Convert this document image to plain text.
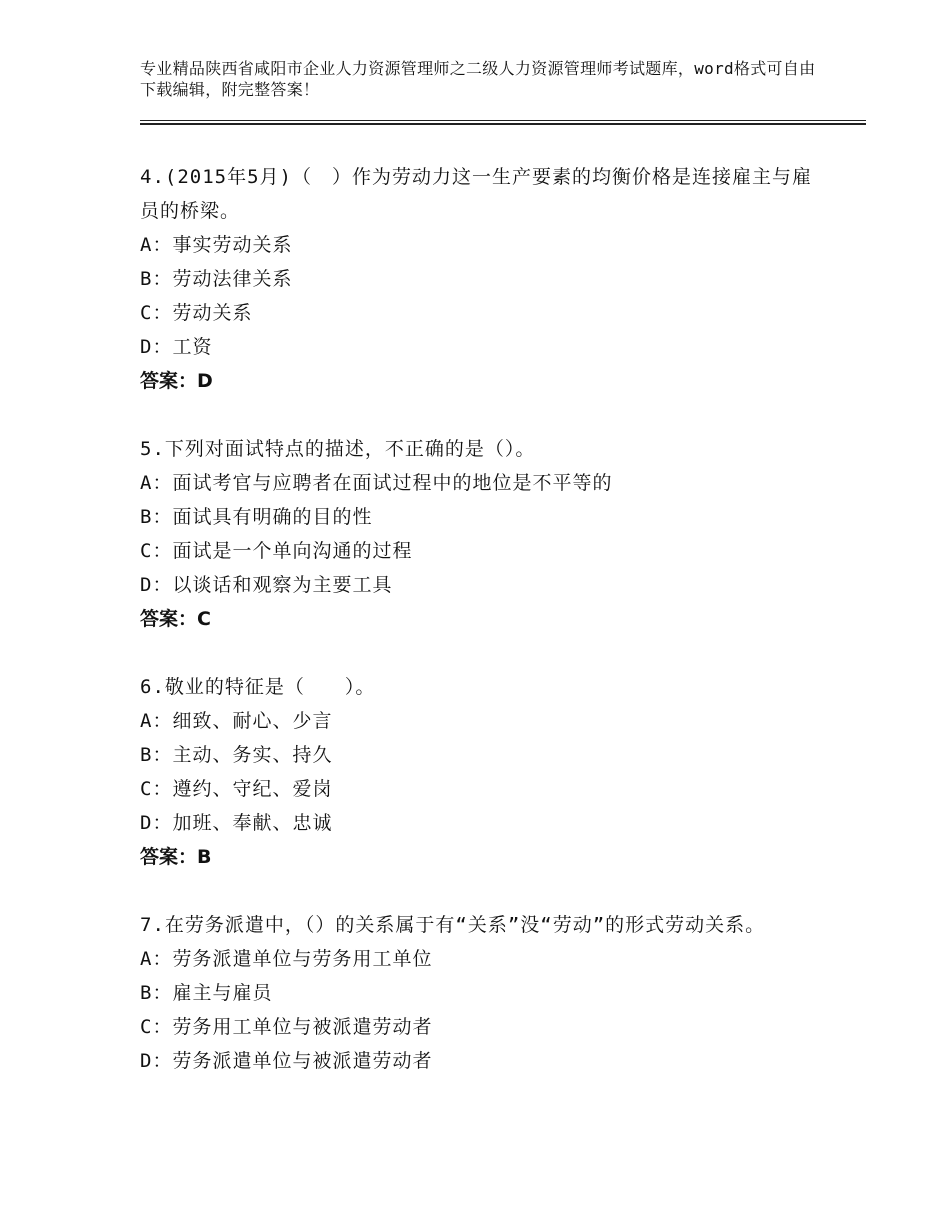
专业精品陕西省咸阳市企业人力资源管理师之二级人力资源管理师考试题库，word格式可自由下载编辑，附完整答案！
4.(2015年5月)（　）作为劳动力这一生产要素的均衡价格是连接雇主与雇员的桥梁。
A：事实劳动关系
B：劳动法律关系
C：劳动关系
D：工资
答案：D
5.下列对面试特点的描述，不正确的是（）。
A：面试考官与应聘者在面试过程中的地位是不平等的
B：面试具有明确的目的性
C：面试是一个单向沟通的过程
D：以谈话和观察为主要工具
答案：C
6.敬业的特征是（　　）。
A：细致、耐心、少言
B：主动、务实、持久
C：遵约、守纪、爱岗
D：加班、奉献、忠诚
答案：B
7.在劳务派遣中，（）的关系属于有“关系”没“劳动”的形式劳动关系。
A：劳务派遣单位与劳务用工单位
B：雇主与雇员
C：劳务用工单位与被派遣劳动者
D：劳务派遣单位与被派遣劳动者
